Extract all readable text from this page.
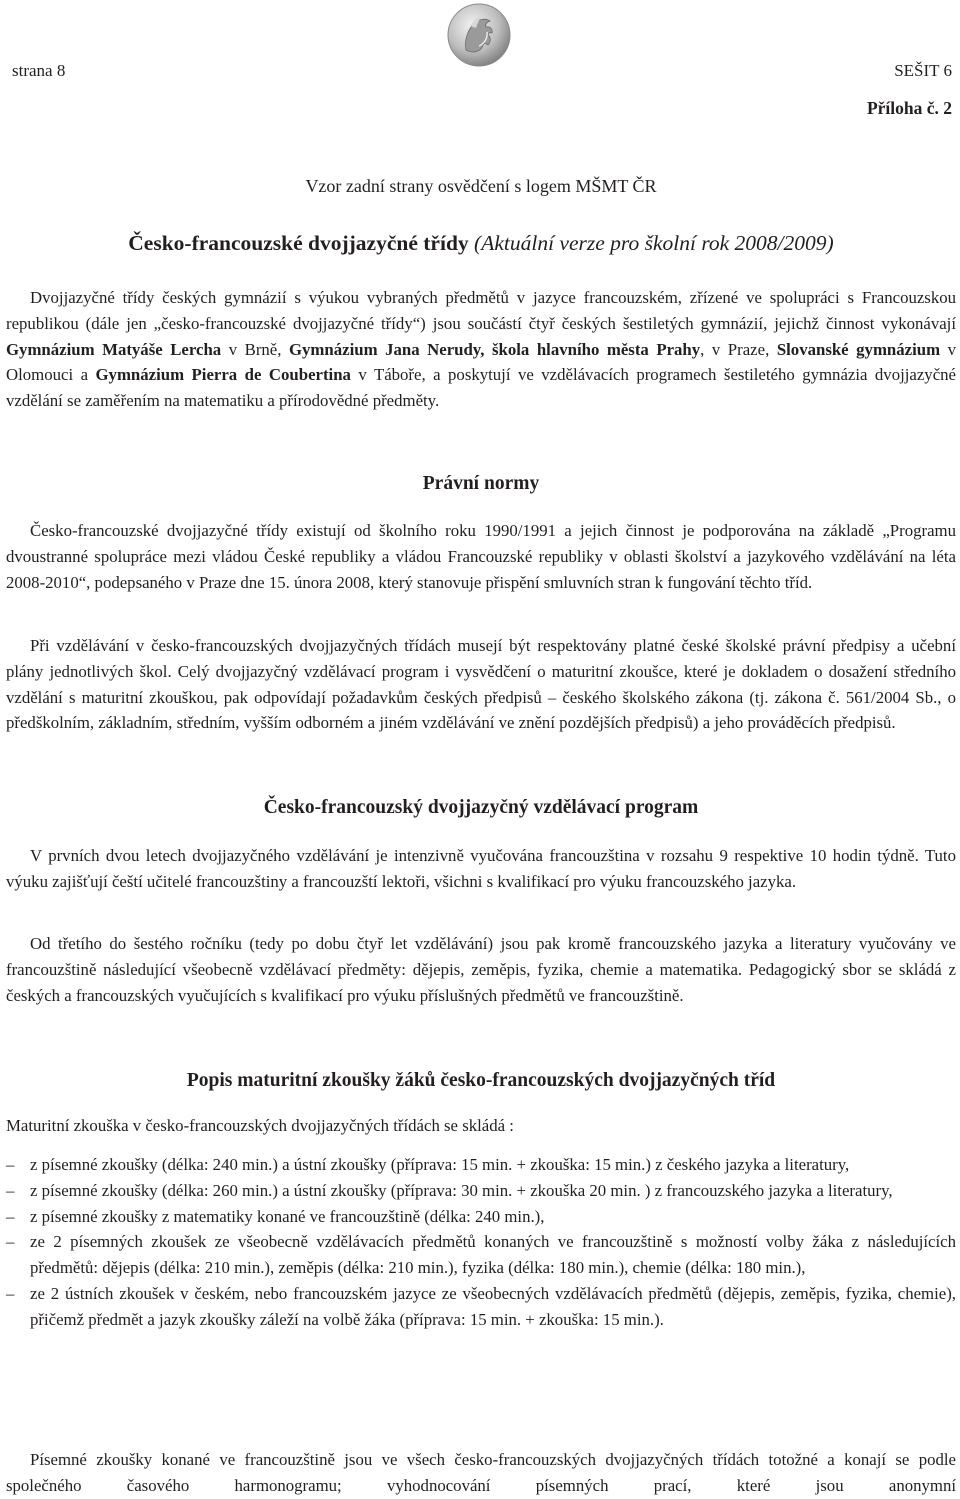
strana 8	SEŠIT 6
Příloha č. 2
Vzor zadní strany osvědčení s logem MŠMT ČR
Česko-francouzské dvojjazyčné třídy (Aktuální verze pro školní rok 2008/2009)

Dvojjazyčné třídy českých gymnázií s výukou vybraných předmětů v jazyce francouzském, zřízené ve spolupráci s Francouzskou republikou (dále jen „česko-francouzské dvojjazyčné třídy“) jsou součástí čtyř českých šestiletých gymnázií, jejichž činnost vykonávají Gymnázium Matyáše Lercha v Brně, Gymnázium Jana Nerudy, škola hlavního města Prahy, v Praze, Slovanské gymnázium v Olomouci a Gymnázium Pierra de Coubertina v Táboře, a poskytují ve vzdělávacích programech šestiletého gymnázia dvojjazyčné vzdělání se zaměřením na matematiku a přírodovědné předměty.

Právní normy

Česko-francouzské dvojjazyčné třídy existují od školního roku 1990/1991 a jejich činnost je podporována na základě „Programu dvoustranné spolupráce mezi vládou České republiky a vládou Francouzské republiky v oblasti školství a jazykového vzdělávání na léta 2008-2010“, podepsaného v Praze dne 15. února 2008, který stanovuje přispění smluvních stran k fungování těchto tříd.

Při vzdělávání v česko-francouzských dvojjazyčných třídách musejí být respektovány platné české školské právní předpisy a učební plány jednotlivých škol. Celý dvojjazyčný vzdělávací program i vysvědčení o maturitní zkoušce, které je dokladem o dosažení středního vzdělání s maturitní zkouškou, pak odpovídají požadavkům českých předpisů – českého školského zákona (tj. zákona č. 561/2004 Sb., o předškolním, základním, středním, vyšším odborném a jiném vzdělávání ve znění pozdějších předpisů) a jeho prováděcích předpisů.

Česko-francouzský dvojjazyčný vzdělávací program

V prvních dvou letech dvojjazyčného vzdělávání je intenzivně vyučována francouzština v rozsahu 9 respektive 10 hodin týdně. Tuto výuku zajišťují čeští učitelé francouzštiny a francouzští lektoři, všichni s kvalifikací pro výuku francouzského jazyka.

Od třetího do šestého ročníku (tedy po dobu čtyř let vzdělávání) jsou pak kromě francouzského jazyka a literatury vyučovány ve francouzštině následující všeobecně vzdělávací předměty: dějepis, zeměpis, fyzika, chemie a matematika. Pedagogický sbor se skládá z českých a francouzských vyučujících s kvalifikací pro výuku příslušných předmětů ve francouzštině.

Popis maturitní zkoušky žáků česko-francouzských dvojjazyčných tříd

Maturitní zkouška v česko-francouzských dvojjazyčných třídách se skládá :

– z písemné zkoušky (délka: 240 min.) a ústní zkoušky (příprava: 15 min. + zkouška: 15 min.) z českého jazyka a literatury,
– z písemné zkoušky (délka: 260 min.) a ústní zkoušky (příprava: 30 min. + zkouška 20 min. ) z francouzského jazyka a literatury,
– z písemné zkoušky z matematiky konané ve francouzštině (délka: 240 min.),
– ze 2 písemných zkoušek ze všeobecně vzdělávacích předmětů konaných ve francouzštině s možností volby žáka z následujících předmětů: dějepis (délka: 210 min.), zeměpis (délka: 210 min.), fyzika (délka: 180 min.), chemie (délka: 180 min.),
– ze 2 ústních zkoušek v českém, nebo francouzském jazyce ze všeobecných vzdělávacích předmětů (dějepis, zeměpis, fyzika, chemie), přičemž předmět a jazyk zkoušky záleží na volbě žáka (příprava: 15 min. + zkouška: 15 min.).

Písemné zkoušky konané ve francouzštině jsou ve všech česko-francouzských dvojjazyčných třídách totožné a konají se podle společného časového harmonogramu; vyhodnocování písemných prací, které jsou anonymní
